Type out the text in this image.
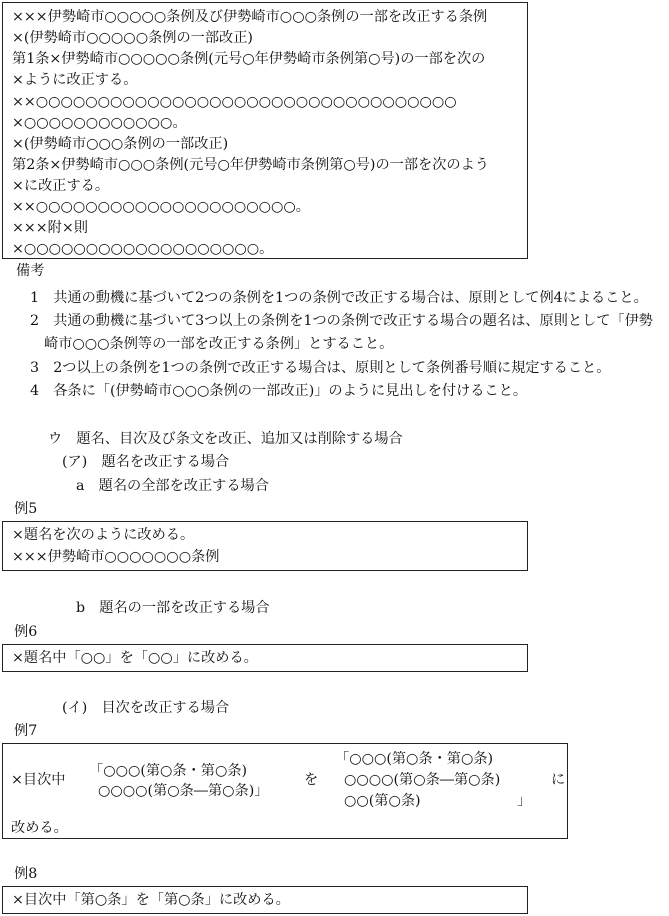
×××伊勢崎市○○○○○条例及び伊勢崎市○○○条例の一部を改正する条例
×(伊勢崎市○○○○○条例の一部改正)
第1条×伊勢崎市○○○○○条例(元号○年伊勢崎市条例第○号)の一部を次の
×ように改正する。
××○○○○○○○○○○○○○○○○○○○○○○○○○○○○○○○○○○
×○○○○○○○○○○○○。
×(伊勢崎市○○○条例の一部改正)
第2条×伊勢崎市○○○条例(元号○年伊勢崎市条例第○号)の一部を次のよう
×に改正する。
××○○○○○○○○○○○○○○○○○○○○○。
×××附×則
×○○○○○○○○○○○○○○○○○○○。
備考
1　共通の動機に基づいて2つの条例を1つの条例で改正する場合は、原則として例4によること。
2　共通の動機に基づいて3つ以上の条例を1つの条例で改正する場合の題名は、原則として「伊勢
崎市○○○条例等の一部を改正する条例」とすること。
3　2つ以上の条例を1つの条例で改正する場合は、原則として条例番号順に規定すること。
4　各条に「(伊勢崎市○○○条例の一部改正)」のように見出しを付けること。
ウ　題名、目次及び条文を改正、追加又は削除する場合
(ア)　題名を改正する場合
a　題名の全部を改正する場合
例5
×題名を次のように改める。
×××伊勢崎市○○○○○○○条例
b　題名の一部を改正する場合
例6
×題名中「○○」を「○○」に改める。
(イ)　目次を改正する場合
例7
×目次中
「○○○(第○条・第○条)
○○○○(第○条―第○条)」
を
「○○○(第○条・第○条)
○○○○(第○条―第○条)	に
○○(第○条)	」
改める。
例8
×目次中「第○条」を「第○条」に改める。
